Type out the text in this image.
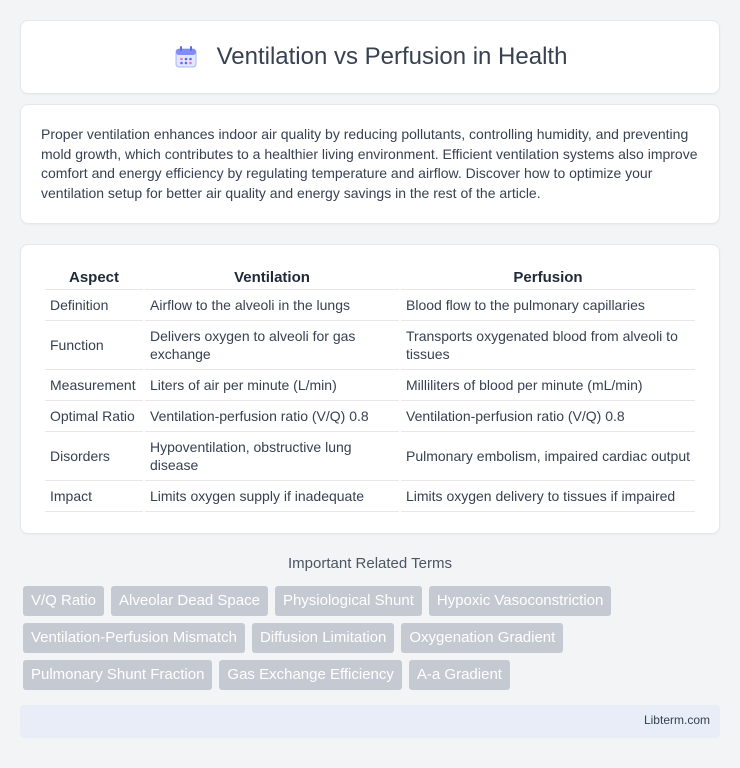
Ventilation vs Perfusion in Health

Proper ventilation enhances indoor air quality by reducing pollutants, controlling humidity, and preventing mold growth, which contributes to a healthier living environment. Efficient ventilation systems also improve comfort and energy efficiency by regulating temperature and airflow. Discover how to optimize your ventilation setup for better air quality and energy savings in the rest of the article.

Aspect	Ventilation	Perfusion
Definition	Airflow to the alveoli in the lungs	Blood flow to the pulmonary capillaries
Function	Delivers oxygen to alveoli for gas exchange	Transports oxygenated blood from alveoli to tissues
Measurement	Liters of air per minute (L/min)	Milliliters of blood per minute (mL/min)
Optimal Ratio	Ventilation-perfusion ratio (V/Q) 0.8	Ventilation-perfusion ratio (V/Q) 0.8
Disorders	Hypoventilation, obstructive lung disease	Pulmonary embolism, impaired cardiac output
Impact	Limits oxygen supply if inadequate	Limits oxygen delivery to tissues if impaired
Important Related Terms
V/Q Ratio	Alveolar Dead Space	Physiological Shunt	Hypoxic Vasoconstriction
Ventilation-Perfusion Mismatch	Diffusion Limitation	Oxygenation Gradient
Pulmonary Shunt Fraction	Gas Exchange Efficiency	A-a Gradient
Libterm.com
